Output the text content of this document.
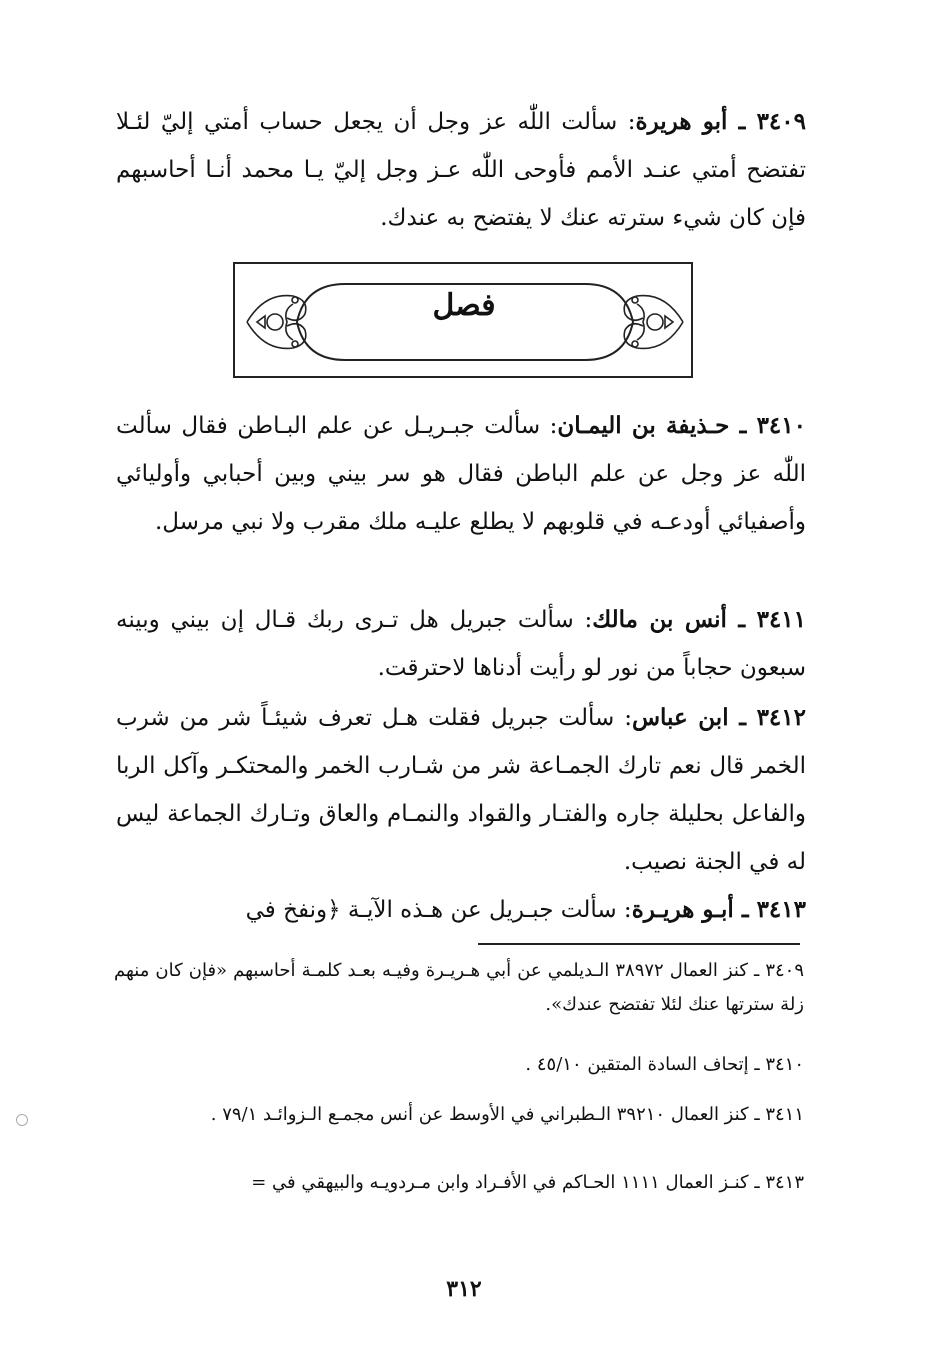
٣٤٠٩ ـ أبو هريرة: سألت اللّٰه عز وجل أن يجعل حساب أمتي إليّ لئـلا تفتضح أمتي عنـد الأمم فأوحى اللّٰه عـز وجل إليّ يـا محمد أنـا أحاسبهم فإن كان شيء سترته عنك لا يفتضح به عندك.

فصل

٣٤١٠ ـ حـذيفة بن اليمـان: سألت جبـريـل عن علم البـاطن فقال سألت اللّٰه عز وجل عن علم الباطن فقال هو سر بيني وبين أحبابي وأوليائي وأصفيائي أودعـه في قلوبهم لا يطلع عليـه ملك مقرب ولا نبي مرسل.

٣٤١١ ـ أنس بن مالك: سألت جبريل هل تـرى ربك قـال إن بيني وبينه سبعون حجاباً من نور لو رأيت أدناها لاحترقت.

٣٤١٢ ـ ابن عباس: سألت جبريل فقلت هـل تعرف شيئـاً شر من شرب الخمر قال نعم تارك الجمـاعة شر من شـارب الخمر والمحتكـر وآكل الربا والفاعل بحليلة جاره والفتـار والقواد والنمـام والعاق وتـارك الجماعة ليس له في الجنة نصيب.

٣٤١٣ ـ أبـو هريـرة: سألت جبـريل عن هـذه الآيـة ﴿ونفخ في

٣٤٠٩ ـ كنز العمال ٣٨٩٧٢ الـديلمي عن أبي هـريـرة وفيـه بعـد كلمـة أحاسبهم «فإن كان منهم زلة سترتها عنك لئلا تفتضح عندك».

٣٤١٠ ـ إتحاف السادة المتقين ٤٥/١٠ .

٣٤١١ ـ كنز العمال ٣٩٢١٠ الـطبراني في الأوسط عن أنس مجمـع الـزوائـد ٧٩/١ .

٣٤١٣ ـ كنـز العمال ١١١١ الحـاكم في الأفـراد وابن مـردويـه والبيهقي في =

٣١٢
